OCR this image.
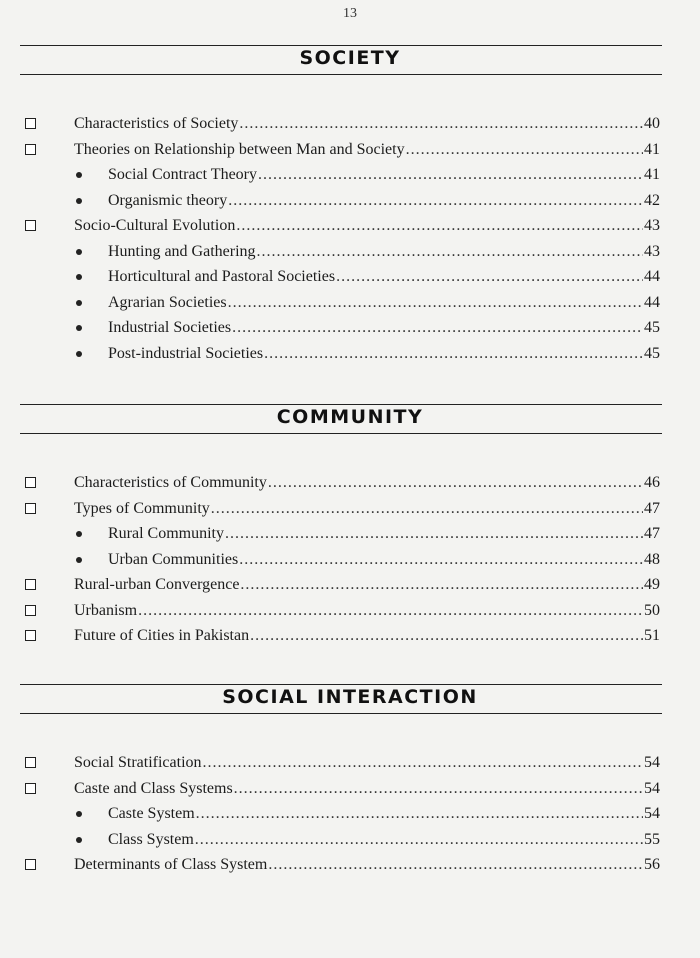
13
SOCIETY
Characteristics of Society .....	40
Theories on Relationship between Man and Society .....	41
Social Contract Theory .....	41
Organismic theory .....	42
Socio-Cultural Evolution .....	43
Hunting and Gathering .....	43
Horticultural and Pastoral Societies .....	44
Agrarian Societies .....	44
Industrial Societies .....	45
Post-industrial Societies .....	45
COMMUNITY
Characteristics of Community .....	46
Types of Community .....	47
Rural Community .....	47
Urban Communities .....	48
Rural-urban Convergence .....	49
Urbanism .....	50
Future of Cities in Pakistan .....	51
SOCIAL INTERACTION
Social Stratification .....	54
Caste and Class Systems .....	54
Caste System .....	54
Class System .....	55
Determinants of Class System .....	56
